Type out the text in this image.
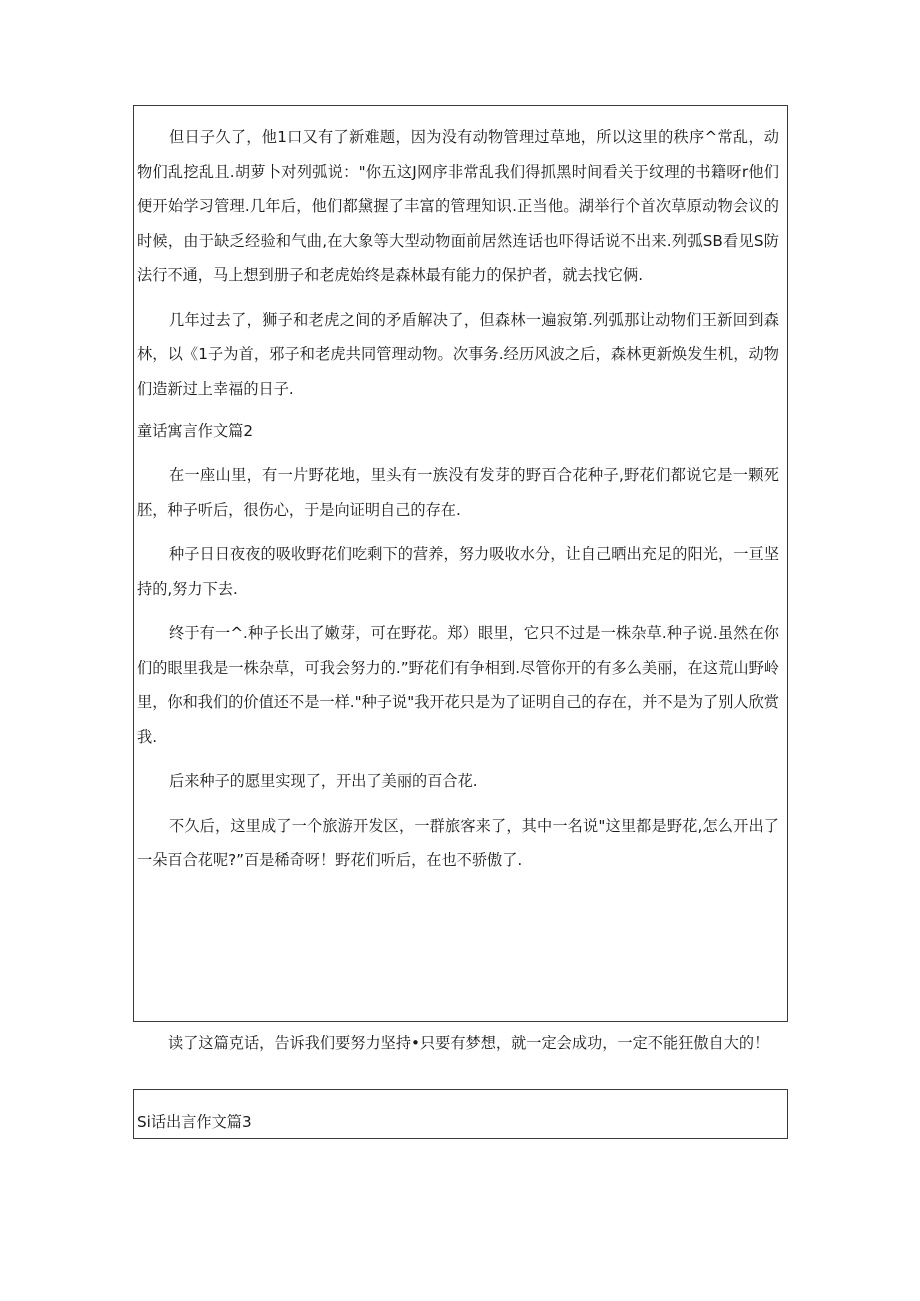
但日子久了，他1口又有了新难题，因为没有动物管理过草地，所以这里的秩序^常乱，动物们乱挖乱且.胡萝卜对列弧说："你五这J网序非常乱我们得抓黑时间看关于纹理的书籍呀r他们便开始学习管理.几年后，他们都黛握了丰富的管理知识.正当他。湖举行个首次草原动物会议的时候，由于缺乏经验和气曲,在大象等大型动物面前居然连话也吓得话说不出来.列弧SB看见S防法行不通，马上想到册子和老虎始终是森林最有能力的保护者，就去找它俩.

几年过去了，狮子和老虎之间的矛盾解决了，但森林一遍寂第.列弧那让动物们王新回到森林，以《1子为首，邪子和老虎共同管理动物。次事务.经历风波之后，森林更新焕发生机，动物们造新过上幸福的日子.

童话寓言作文篇2

在一座山里，有一片野花地，里头有一族没有发芽的野百合花种子,野花们都说它是一颗死胚，种子听后，很伤心，于是向证明自己的存在.

种子日日夜夜的吸收野花们吃剩下的营养，努力吸收水分，让自己晒出充足的阳光，一亘坚持的,努力下去.

终于有一^.种子长出了嫩芽，可在野花。郑）眼里，它只不过是一株杂草.种子说.虽然在你们的眼里我是一株杂草，可我会努力的.”野花们有争相到.尽管你开的有多么美丽，在这荒山野岭里，你和我们的价值还不是一样."种子说"我开花只是为了证明自己的存在，并不是为了别人欣赏我.

后来种子的愿里实现了，开出了美丽的百合花.

不久后，这里成了一个旅游开发区，一群旅客来了，其中一名说"这里都是野花,怎么开出了一朵百合花呢?”百是稀奇呀！野花们听后，在也不骄傲了.

读了这篇克话，告诉我们要努力坚持•只要有梦想，就一定会成功，一定不能狂傲自大的！

Si话出言作文篇3
